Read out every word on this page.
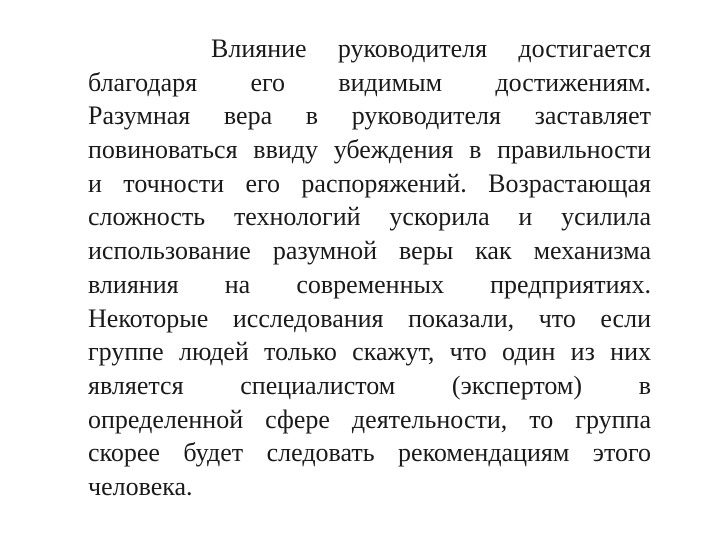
Влияние руководителя достигается
благодаря его видимым достижениям.
Разумная вера в руководителя заставляет
повиноваться ввиду убеждения в правильности
и точности его распоряжений. Возрастающая
сложность технологий ускорила и усилила
использование разумной веры как механизма
влияния на современных предприятиях.
Некоторые исследования показали, что если
группе людей только скажут, что один из них
является специалистом (экспертом) в
определенной сфере деятельности, то группа
скорее будет следовать рекомендациям этого
человека.
